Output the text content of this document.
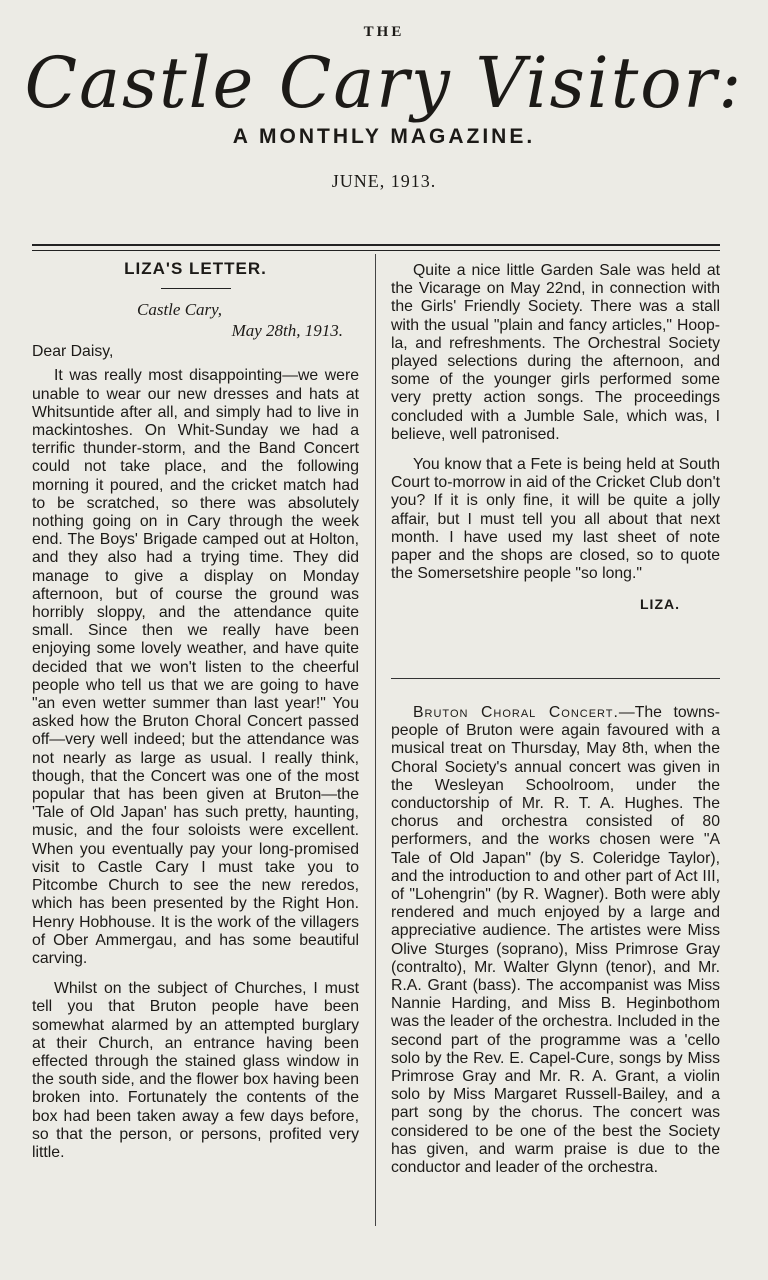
THE
Castle Cary Visitor:
A MONTHLY MAGAZINE.
JUNE, 1913.
LIZA'S LETTER.
Castle Cary,
May 28th, 1913.
Dear Daisy,

It was really most disappointing—we were unable to wear our new dresses and hats at Whitsuntide after all, and simply had to live in mackintoshes. On Whit-Sunday we had a terrific thunder-storm, and the Band Concert could not take place, and the following morning it poured, and the cricket match had to be scratched, so there was absolutely nothing going on in Cary through the week end. The Boys' Brigade camped out at Holton, and they also had a trying time. They did manage to give a display on Monday afternoon, but of course the ground was horribly sloppy, and the attendance quite small. Since then we really have been enjoying some lovely weather, and have quite decided that we won't listen to the cheerful people who tell us that we are going to have "an even wetter summer than last year!" You asked how the Bruton Choral Concert passed off—very well indeed; but the attendance was not nearly as large as usual. I really think, though, that the Concert was one of the most popular that has been given at Bruton—the 'Tale of Old Japan' has such pretty, haunting, music, and the four soloists were excellent. When you eventually pay your long-promised visit to Castle Cary I must take you to Pitcombe Church to see the new reredos, which has been presented by the Right Hon. Henry Hobhouse. It is the work of the villagers of Ober Ammergau, and has some beautiful carving.

Whilst on the subject of Churches, I must tell you that Bruton people have been somewhat alarmed by an attempted burglary at their Church, an entrance having been effected through the stained glass window in the south side, and the flower box having been broken into. Fortunately the contents of the box had been taken away a few days before, so that the person, or persons, profited very little.

Quite a nice little Garden Sale was held at the Vicarage on May 22nd, in connection with the Girls' Friendly Society. There was a stall with the usual "plain and fancy articles," Hoop-la, and refreshments. The Orchestral Society played selections during the afternoon, and some of the younger girls performed some very pretty action songs. The proceedings concluded with a Jumble Sale, which was, I believe, well patronised.

You know that a Fete is being held at South Court to-morrow in aid of the Cricket Club don't you? If it is only fine, it will be quite a jolly affair, but I must tell you all about that next month. I have used my last sheet of note paper and the shops are closed, so to quote the Somersetshire people "so long."

LIZA.

Bruton Choral Concert.—The towns-people of Bruton were again favoured with a musical treat on Thursday, May 8th, when the Choral Society's annual concert was given in the Wesleyan Schoolroom, under the conductorship of Mr. R. T. A. Hughes. The chorus and orchestra consisted of 80 performers, and the works chosen were "A Tale of Old Japan" (by S. Coleridge Taylor), and the introduction to and other part of Act III, of "Lohengrin" (by R. Wagner). Both were ably rendered and much enjoyed by a large and appreciative audience. The artistes were Miss Olive Sturges (soprano), Miss Primrose Gray (contralto), Mr. Walter Glynn (tenor), and Mr. R.A. Grant (bass). The accompanist was Miss Nannie Harding, and Miss B. Heginbothom was the leader of the orchestra. Included in the second part of the programme was a 'cello solo by the Rev. E. Capel-Cure, songs by Miss Primrose Gray and Mr. R. A. Grant, a violin solo by Miss Margaret Russell-Bailey, and a part song by the chorus. The concert was considered to be one of the best the Society has given, and warm praise is due to the conductor and leader of the orchestra.
